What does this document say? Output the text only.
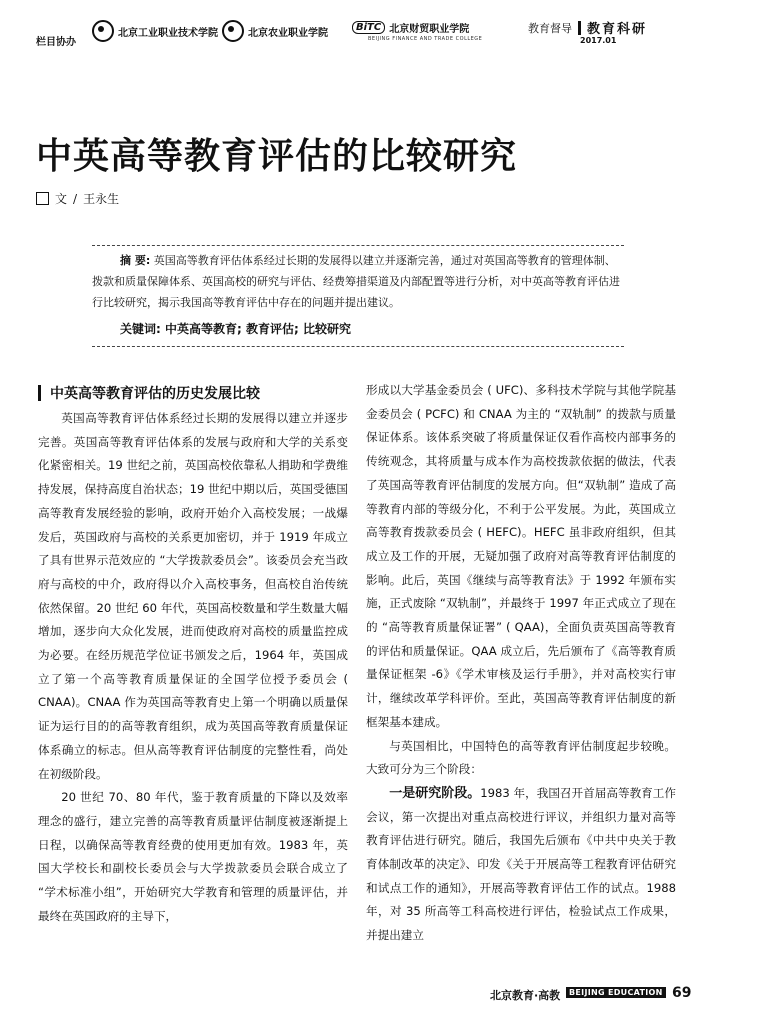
栏目协办
北京工业职业技术学院	北京农业职业学院	BiTC 北京财贸职业学院
BEIJING FINANCE AND TRADE COLLEGE
教育督导 教育科研
2017.01
中英高等教育评估的比较研究
文 / 王永生

摘 要: 英国高等教育评估体系经过长期的发展得以建立并逐渐完善，通过对英国高等教育的管理体制、拨款和质量保障体系、英国高校的研究与评估、经费筹措渠道及内部配置等进行分析，对中英高等教育评估进行比较研究，揭示我国高等教育评估中存在的问题并提出建议。

关键词: 中英高等教育; 教育评估; 比较研究
中英高等教育评估的历史发展比较

英国高等教育评估体系经过长期的发展得以建立并逐步完善。英国高等教育评估体系的发展与政府和大学的关系变化紧密相关。19 世纪之前，英国高校依靠私人捐助和学费维持发展，保持高度自治状态；19 世纪中期以后，英国受德国高等教育发展经验的影响，政府开始介入高校发展；一战爆发后，英国政府与高校的关系更加密切，并于 1919 年成立了具有世界示范效应的 “大学拨款委员会”。该委员会充当政府与高校的中介，政府得以介入高校事务，但高校自治传统依然保留。20 世纪 60 年代，英国高校数量和学生数量大幅增加，逐步向大众化发展，进而使政府对高校的质量监控成为必要。在经历规范学位证书颁发之后，1964 年，英国成立了第一个高等教育质量保证的全国学位授予委员会 ( CNAA)。CNAA 作为英国高等教育史上第一个明确以质量保证为运行目的的高等教育组织，成为英国高等教育质量保证体系确立的标志。但从高等教育评估制度的完整性看，尚处在初级阶段。

20 世纪 70、80 年代，鉴于教育质量的下降以及效率理念的盛行，建立完善的高等教育质量评估制度被逐渐提上日程，以确保高等教育经费的使用更加有效。1983 年，英国大学校长和副校长委员会与大学拨款委员会联合成立了 “学术标准小组”，开始研究大学教育和管理的质量评估，并最终在英国政府的主导下，

形成以大学基金委员会 ( UFC)、多科技术学院与其他学院基金委员会 ( PCFC) 和 CNAA 为主的 “双轨制” 的拨款与质量保证体系。该体系突破了将质量保证仅看作高校内部事务的传统观念，其将质量与成本作为高校拨款依据的做法，代表了英国高等教育评估制度的发展方向。但“双轨制” 造成了高等教育内部的等级分化，不利于公平发展。为此，英国成立高等教育拨款委员会 ( HEFC)。HEFC 虽非政府组织，但其成立及工作的开展，无疑加强了政府对高等教育评估制度的影响。此后，英国《继续与高等教育法》于 1992 年颁布实施，正式废除 “双轨制”，并最终于 1997 年正式成立了现在的 “高等教育质量保证署” ( QAA)，全面负责英国高等教育的评估和质量保证。QAA 成立后，先后颁布了《高等教育质量保证框架 -6》《学术审核及运行手册》，并对高校实行审计，继续改革学科评价。至此，英国高等教育评估制度的新框架基本建成。

与英国相比，中国特色的高等教育评估制度起步较晚。大致可分为三个阶段：

一是研究阶段。1983 年，我国召开首届高等教育工作会议，第一次提出对重点高校进行评议，并组织力量对高等教育评估进行研究。随后，我国先后颁布《中共中央关于教育体制改革的决定》、印发《关于开展高等工程教育评估研究和试点工作的通知》，开展高等教育评估工作的试点。1988 年，对 35 所高等工科高校进行评估，检验试点工作成果，并提出建立

北京教育·高教	BEIJING EDUCATION 69
